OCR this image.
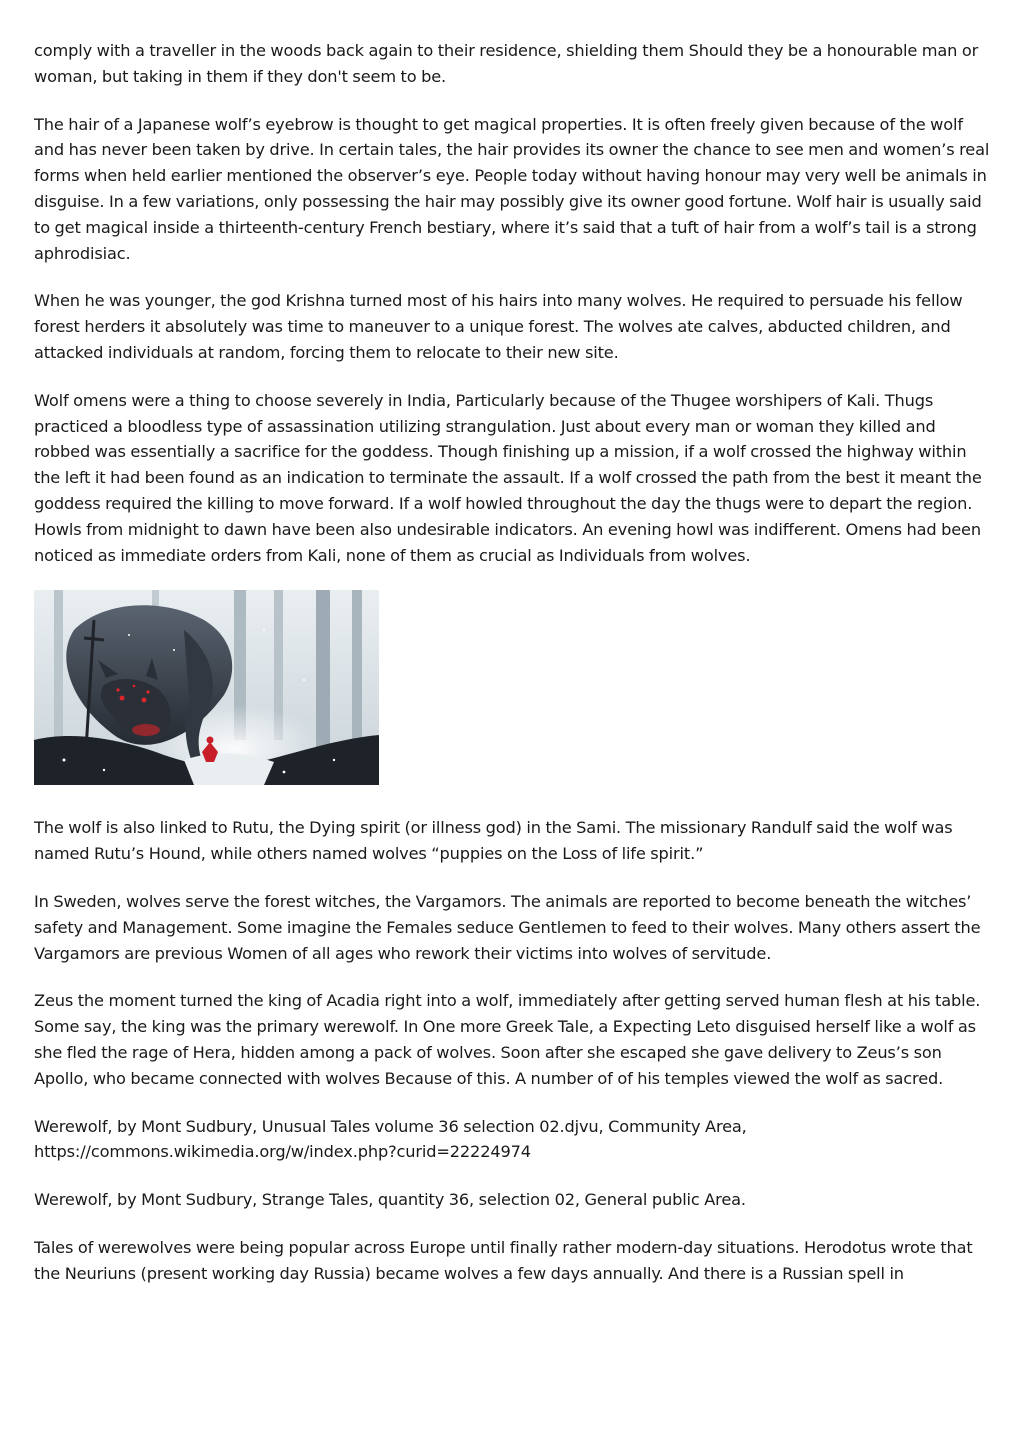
comply with a traveller in the woods back again to their residence, shielding them Should they be a honourable man or woman, but taking in them if they don't seem to be.

The hair of a Japanese wolf’s eyebrow is thought to get magical properties. It is often freely given because of the wolf and has never been taken by drive. In certain tales, the hair provides its owner the chance to see men and women’s real forms when held earlier mentioned the observer’s eye. People today without having honour may very well be animals in disguise. In a few variations, only possessing the hair may possibly give its owner good fortune. Wolf hair is usually said to get magical inside a thirteenth-century French bestiary, where it’s said that a tuft of hair from a wolf’s tail is a strong aphrodisiac.

When he was younger, the god Krishna turned most of his hairs into many wolves. He required to persuade his fellow forest herders it absolutely was time to maneuver to a unique forest. The wolves ate calves, abducted children, and attacked individuals at random, forcing them to relocate to their new site.

Wolf omens were a thing to choose severely in India, Particularly because of the Thugee worshipers of Kali. Thugs practiced a bloodless type of assassination utilizing strangulation. Just about every man or woman they killed and robbed was essentially a sacrifice for the goddess. Though finishing up a mission, if a wolf crossed the highway within the left it had been found as an indication to terminate the assault. If a wolf crossed the path from the best it meant the goddess required the killing to move forward. If a wolf howled throughout the day the thugs were to depart the region. Howls from midnight to dawn have been also undesirable indicators. An evening howl was indifferent. Omens had been noticed as immediate orders from Kali, none of them as crucial as Individuals from wolves.

The wolf is also linked to Rutu, the Dying spirit (or illness god) in the Sami. The missionary Randulf said the wolf was named Rutu’s Hound, while others named wolves “puppies on the Loss of life spirit.”

In Sweden, wolves serve the forest witches, the Vargamors. The animals are reported to become beneath the witches’ safety and Management. Some imagine the Females seduce Gentlemen to feed to their wolves. Many others assert the Vargamors are previous Women of all ages who rework their victims into wolves of servitude.

Zeus the moment turned the king of Acadia right into a wolf, immediately after getting served human flesh at his table. Some say, the king was the primary werewolf. In One more Greek Tale, a Expecting Leto disguised herself like a wolf as she fled the rage of Hera, hidden among a pack of wolves. Soon after she escaped she gave delivery to Zeus’s son Apollo, who became connected with wolves Because of this. A number of of his temples viewed the wolf as sacred.

Werewolf, by Mont Sudbury, Unusual Tales volume 36 selection 02.djvu, Community Area, https://commons.wikimedia.org/w/index.php?curid=22224974

Werewolf, by Mont Sudbury, Strange Tales, quantity 36, selection 02, General public Area.

Tales of werewolves were being popular across Europe until finally rather modern-day situations. Herodotus wrote that the Neuriuns (present working day Russia) became wolves a few days annually. And there is a Russian spell in
